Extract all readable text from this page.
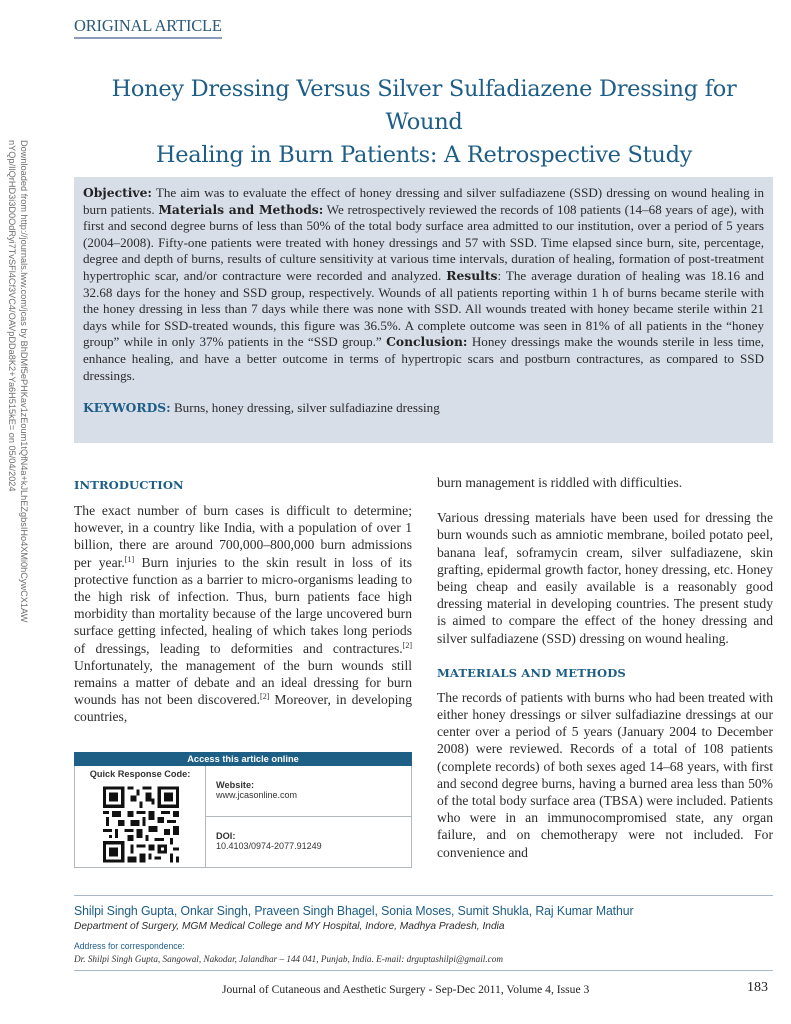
Downloaded from http://journals.lww.com/jcas by BhDMf5ePHKav1zEoum1tQfN4a+kJLhEZgbsIHo4XMi0hCywCX1AW
nYQp/IlQrHD3i3D0OdRyi7TvSFl4Cf3VC4/OAVpDDa8K2+Ya6H515kE= on 05/04/2024
ORIGINAL ARTICLE
Honey Dressing Versus Silver Sulfadiazene Dressing for Wound
Healing in Burn Patients: A Retrospective Study
Objective: The aim was to evaluate the effect of honey dressing and silver sulfadiazene (SSD) dressing on wound healing in burn patients. Materials and Methods: We retrospectively reviewed the records of 108 patients (14–68 years of age), with first and second degree burns of less than 50% of the total body surface area admitted to our institution, over a period of 5 years (2004–2008). Fifty-one patients were treated with honey dressings and 57 with SSD. Time elapsed since burn, site, percentage, degree and depth of burns, results of culture sensitivity at various time intervals, duration of healing, formation of post-treatment hypertrophic scar, and/or contracture were recorded and analyzed. Results: The average duration of healing was 18.16 and 32.68 days for the honey and SSD group, respectively. Wounds of all patients reporting within 1 h of burns became sterile with the honey dressing in less than 7 days while there was none with SSD. All wounds treated with honey became sterile within 21 days while for SSD-treated wounds, this figure was 36.5%. A complete outcome was seen in 81% of all patients in the “honey group” while in only 37% patients in the “SSD group.” Conclusion: Honey dressings make the wounds sterile in less time, enhance healing, and have a better outcome in terms of hypertropic scars and postburn contractures, as compared to SSD dressings.
KEYWORDS: Burns, honey dressing, silver sulfadiazine dressing
INTRODUCTION

The exact number of burn cases is difficult to determine; however, in a country like India, with a population of over 1 billion, there are around 700,000–800,000 burn admissions per year.[1] Burn injuries to the skin result in loss of its protective function as a barrier to micro-organisms leading to the high risk of infection. Thus, burn patients face high morbidity than mortality because of the large uncovered burn surface getting infected, healing of which takes long periods of dressings, leading to deformities and contractures.[2] Unfortunately, the management of the burn wounds still remains a matter of debate and an ideal dressing for burn wounds has not been discovered.[2] Moreover, in developing countries,

Access this article online
Quick Response Code:
Website:
www.jcasonline.com
DOI:
10.4103/0974-2077.91249

burn management is riddled with difficulties.

Various dressing materials have been used for dressing the burn wounds such as amniotic membrane, boiled potato peel, banana leaf, soframycin cream, silver sulfadiazene, skin grafting, epidermal growth factor, honey dressing, etc. Honey being cheap and easily available is a reasonably good dressing material in developing countries. The present study is aimed to compare the effect of the honey dressing and silver sulfadiazene (SSD) dressing on wound healing.

MATERIALS AND METHODS

The records of patients with burns who had been treated with either honey dressings or silver sulfadiazine dressings at our center over a period of 5 years (January 2004 to December 2008) were reviewed. Records of a total of 108 patients (complete records) of both sexes aged 14–68 years, with first and second degree burns, having a burned area less than 50% of the total body surface area (TBSA) were included. Patients who were in an immunocompromised state, any organ failure, and on chemotherapy were not included. For convenience and

Shilpi Singh Gupta, Onkar Singh, Praveen Singh Bhagel, Sonia Moses, Sumit Shukla, Raj Kumar Mathur
Department of Surgery, MGM Medical College and MY Hospital, Indore, Madhya Pradesh, India
Address for correspondence:
Dr. Shilpi Singh Gupta, Sangowal, Nakodar, Jalandhar – 144 041, Punjab, India. E-mail: drguptashilpi@gmail.com
Journal of Cutaneous and Aesthetic Surgery - Sep-Dec 2011, Volume 4, Issue 3	183
